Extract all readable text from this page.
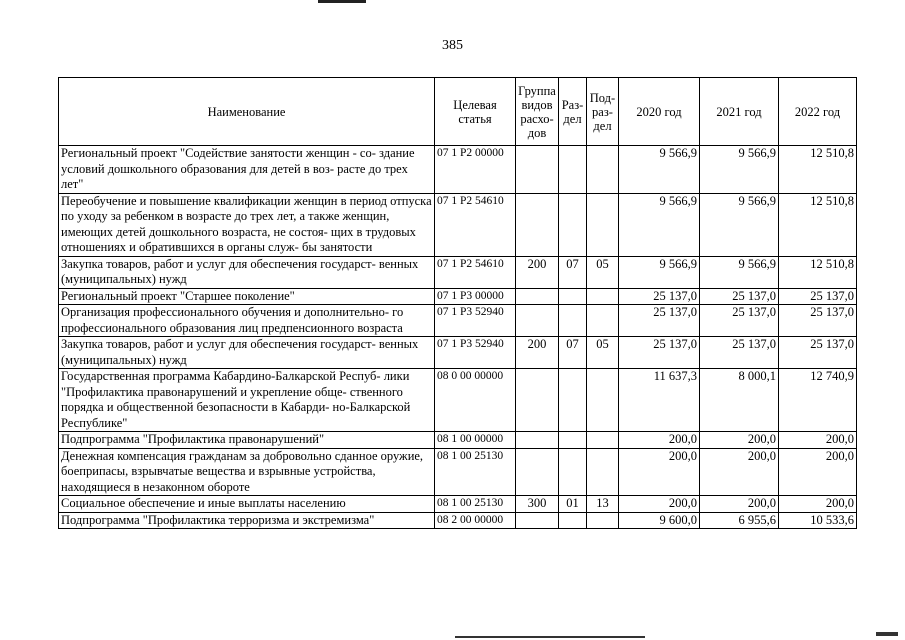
385
Наименование	Целевая статья	Группа видов расхо- дов	Раз- дел	Под- раз- дел	2020 год	2021 год	2022 год
Региональный проект "Содействие занятости женщин - со- здание условий дошкольного образования для детей в воз- расте до трех лет"	07 1 Р2 00000				9 566,9	9 566,9	12 510,8
Переобучение и повышение квалификации женщин в период отпуска по уходу за ребенком в возрасте до трех лет, а также женщин, имеющих детей дошкольного возраста, не состоя- щих в трудовых отношениях и обратившихся в органы служ- бы занятости	07 1 Р2 54610				9 566,9	9 566,9	12 510,8
Закупка товаров, работ и услуг для обеспечения государст- венных (муниципальных) нужд	07 1 Р2 54610	200	07	05	9 566,9	9 566,9	12 510,8
Региональный проект "Старшее поколение"	07 1 Р3 00000				25 137,0	25 137,0	25 137,0
Организация профессионального обучения и дополнительно- го профессионального образования лиц предпенсионного возраста	07 1 Р3 52940				25 137,0	25 137,0	25 137,0
Закупка товаров, работ и услуг для обеспечения государст- венных (муниципальных) нужд	07 1 Р3 52940	200	07	05	25 137,0	25 137,0	25 137,0
Государственная программа Кабардино-Балкарской Респуб- лики "Профилактика правонарушений и укрепление обще- ственного порядка и общественной безопасности в Кабарди- но-Балкарской Республике"	08 0 00 00000				11 637,3	8 000,1	12 740,9
Подпрограмма "Профилактика правонарушений"	08 1 00 00000				200,0	200,0	200,0
Денежная компенсация гражданам за добровольно сданное оружие, боеприпасы, взрывчатые вещества и взрывные устройства, находящиеся в незаконном обороте	08 1 00 25130				200,0	200,0	200,0
Социальное обеспечение и иные выплаты населению	08 1 00 25130	300	01	13	200,0	200,0	200,0
Подпрограмма "Профилактика терроризма и экстремизма"	08 2 00 00000				9 600,0	6 955,6	10 533,6
